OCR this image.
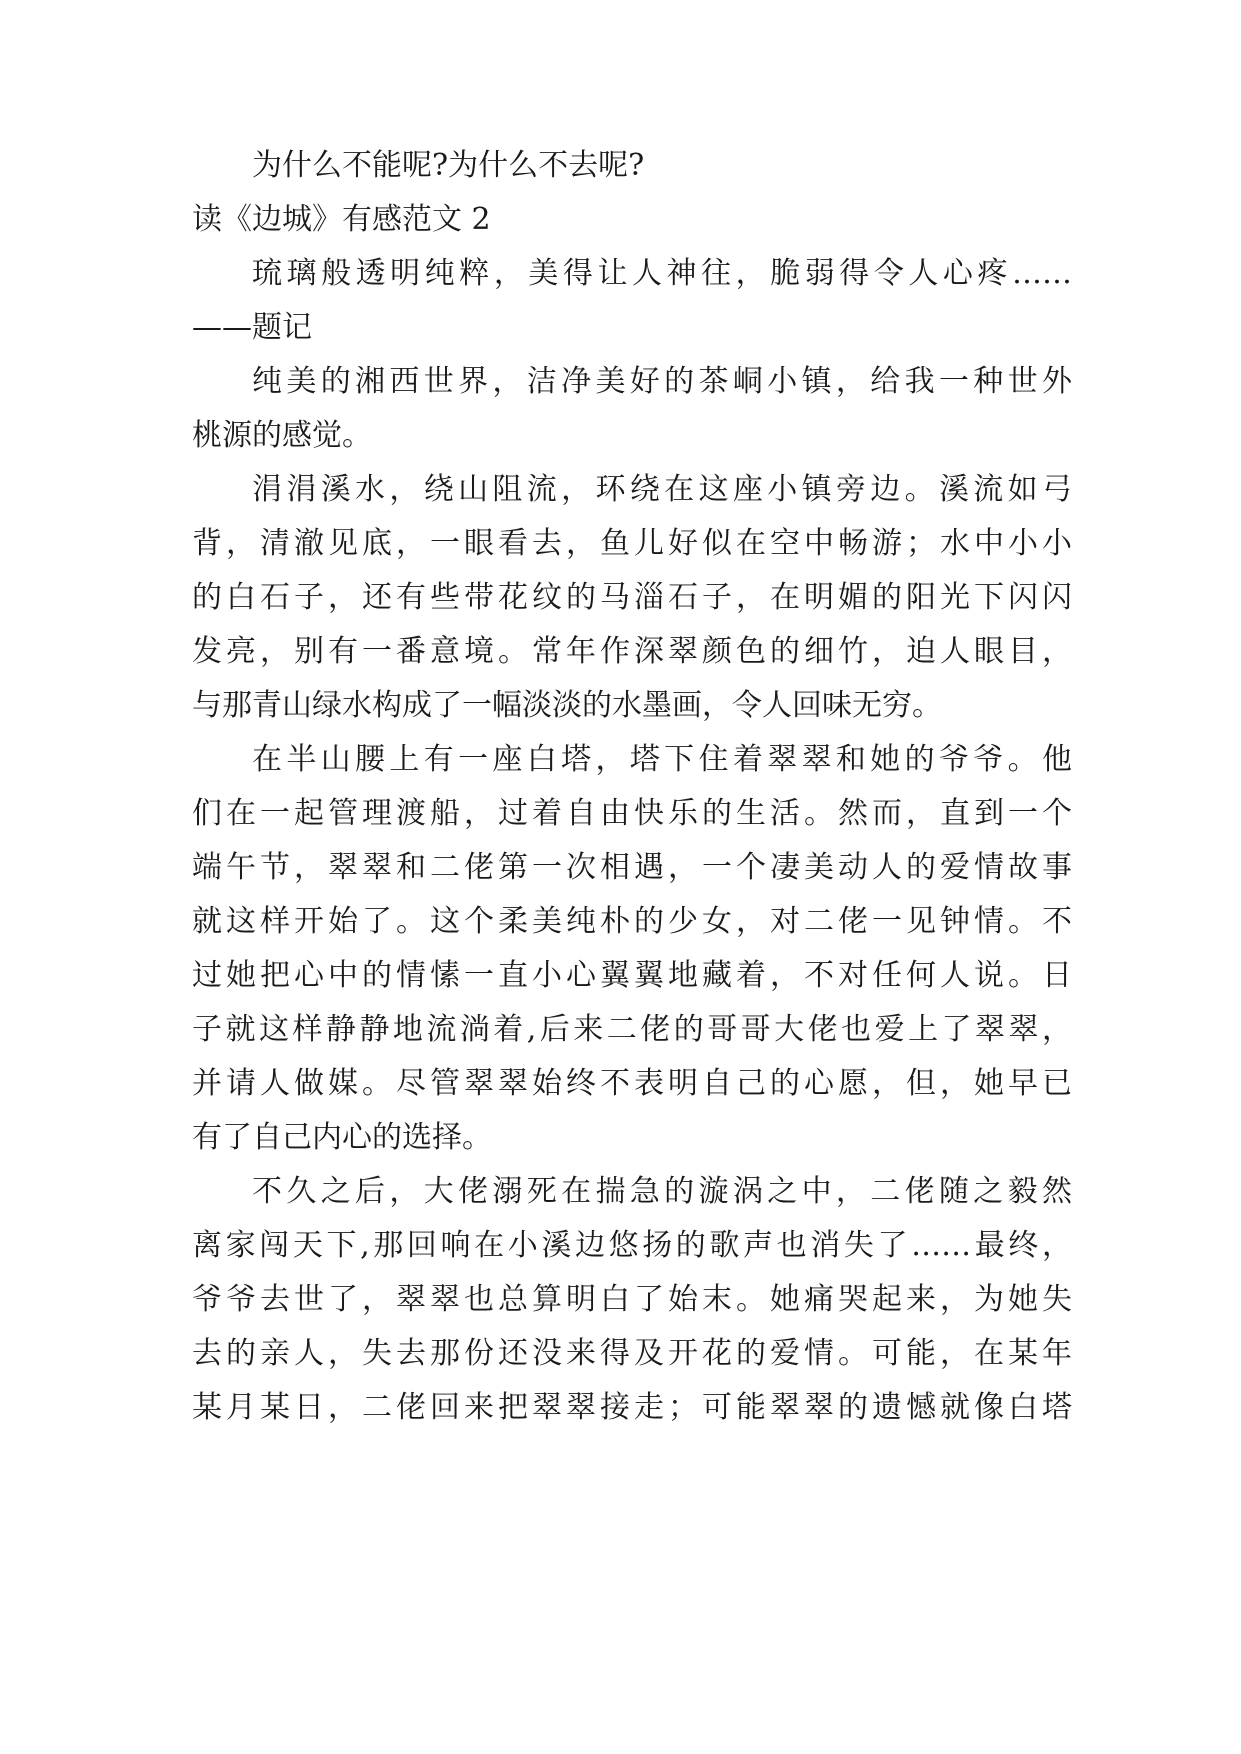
为什么不能呢?为什么不去呢?
读《边城》有感范文 2
琉璃般透明纯粹，美得让人神往，脆弱得令人心疼……
——题记
纯美的湘西世界，洁净美好的茶峒小镇，给我一种世外
桃源的感觉。
涓涓溪水，绕山阻流，环绕在这座小镇旁边。溪流如弓
背，清澈见底，一眼看去，鱼儿好似在空中畅游；水中小小
的白石子，还有些带花纹的马淄石子，在明媚的阳光下闪闪
发亮，别有一番意境。常年作深翠颜色的细竹，迫人眼目，
与那青山绿水构成了一幅淡淡的水墨画，令人回味无穷。
在半山腰上有一座白塔，塔下住着翠翠和她的爷爷。他
们在一起管理渡船，过着自由快乐的生活。然而，直到一个
端午节，翠翠和二佬第一次相遇，一个凄美动人的爱情故事
就这样开始了。这个柔美纯朴的少女，对二佬一见钟情。不
过她把心中的情愫一直小心翼翼地藏着，不对任何人说。日
子就这样静静地流淌着,后来二佬的哥哥大佬也爱上了翠翠，
并请人做媒。尽管翠翠始终不表明自己的心愿，但，她早已
有了自己内心的选择。
不久之后，大佬溺死在揣急的漩涡之中，二佬随之毅然
离家闯天下,那回响在小溪边悠扬的歌声也消失了……最终，
爷爷去世了，翠翠也总算明白了始末。她痛哭起来，为她失
去的亲人，失去那份还没来得及开花的爱情。可能，在某年
某月某日，二佬回来把翠翠接走；可能翠翠的遗憾就像白塔
